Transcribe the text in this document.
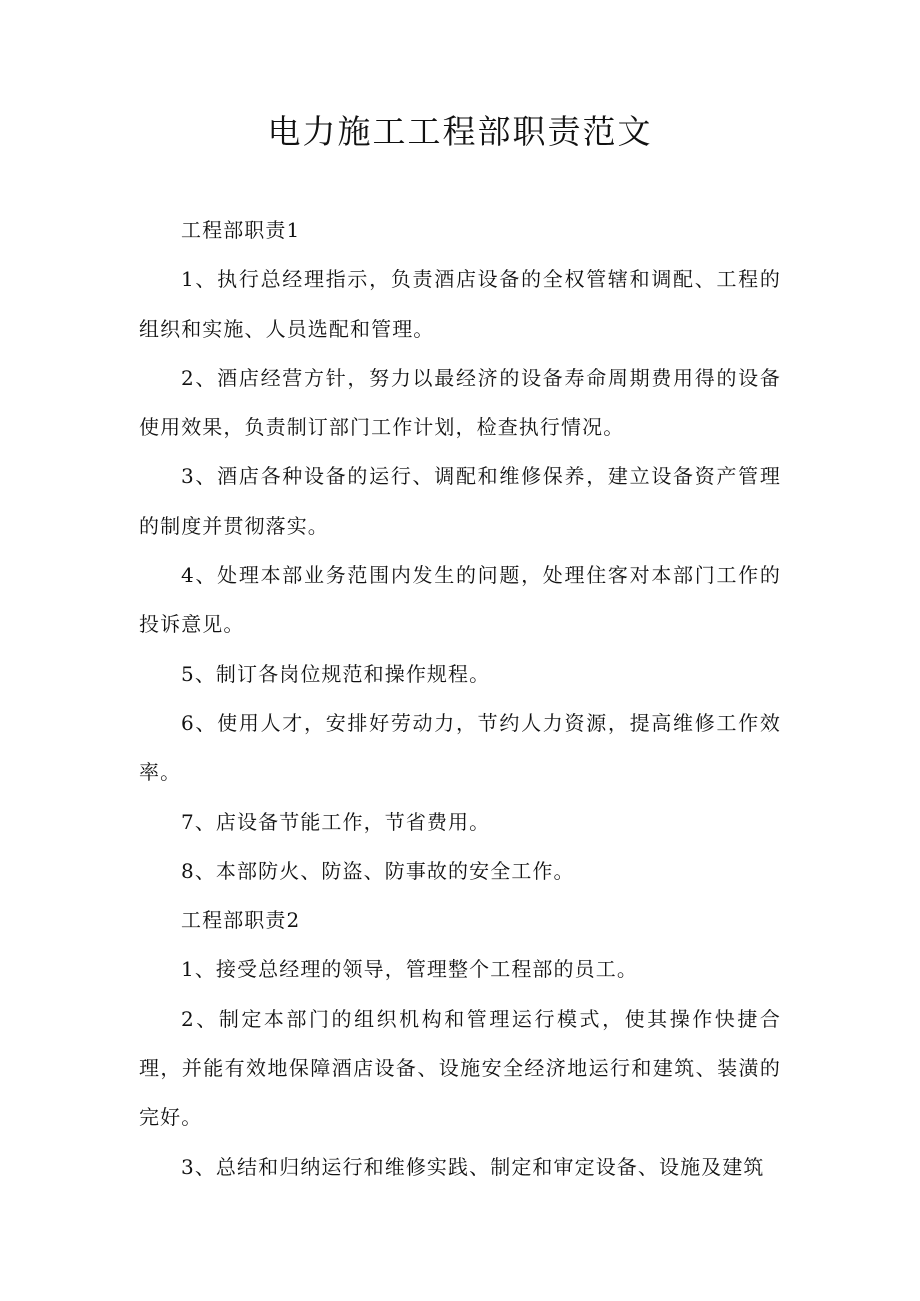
电力施工工程部职责范文

工程部职责1

1、执行总经理指示，负责酒店设备的全权管辖和调配、工程的组织和实施、人员选配和管理。

2、酒店经营方针，努力以最经济的设备寿命周期费用得的设备使用效果，负责制订部门工作计划，检查执行情况。

3、酒店各种设备的运行、调配和维修保养，建立设备资产管理的制度并贯彻落实。

4、处理本部业务范围内发生的问题，处理住客对本部门工作的投诉意见。

5、制订各岗位规范和操作规程。

6、使用人才，安排好劳动力，节约人力资源，提高维修工作效率。

7、店设备节能工作，节省费用。

8、本部防火、防盗、防事故的安全工作。

工程部职责2

1、接受总经理的领导，管理整个工程部的员工。

2、制定本部门的组织机构和管理运行模式，使其操作快捷合理，并能有效地保障酒店设备、设施安全经济地运行和建筑、装潢的完好。

3、总结和归纳运行和维修实践、制定和审定设备、设施及建筑
